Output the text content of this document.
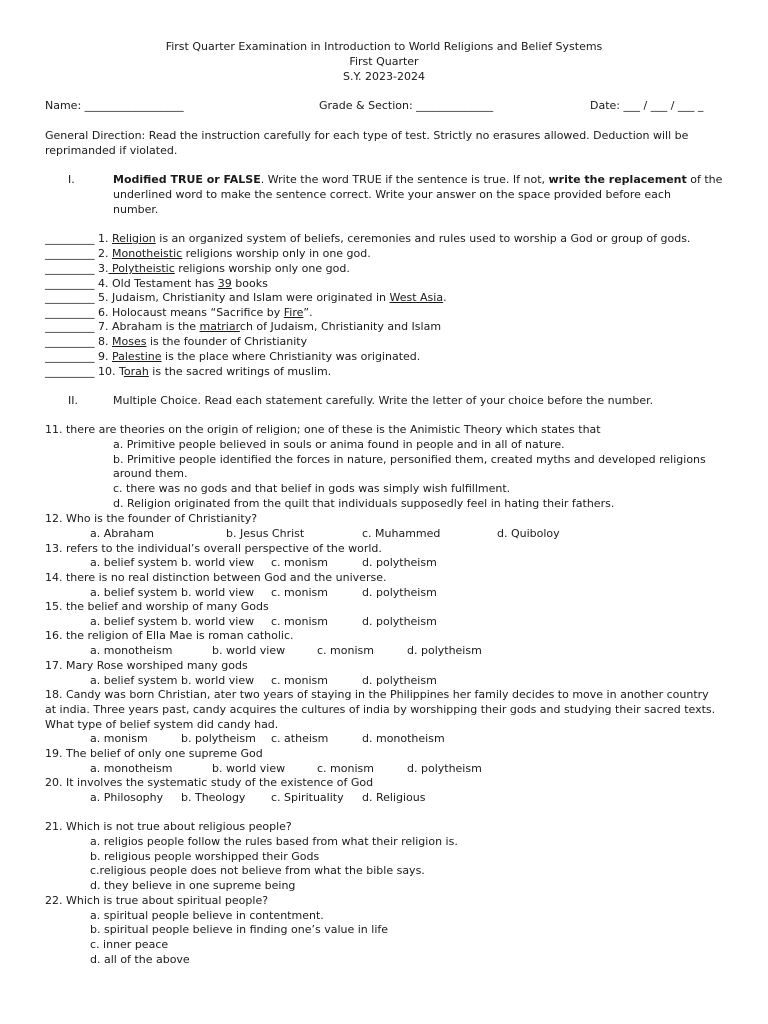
First Quarter Examination in Introduction to World Religions and Belief Systems
First Quarter
S.Y. 2023-2024
Name: __________________	Grade & Section: ______________	Date: ___ / ___ / ___ _
General Direction: Read the instruction carefully for each type of test. Strictly no erasures allowed. Deduction will be
reprimanded if violated.
I.	Modified TRUE or FALSE. Write the word TRUE if the sentence is true. If not, write the replacement of the
underlined word to make the sentence correct. Write your answer on the space provided before each
number.
_________ 1. Religion is an organized system of beliefs, ceremonies and rules used to worship a God or group of gods.
_________ 2. Monotheistic religions worship only in one god.
_________ 3. Polytheistic religions worship only one god.
_________ 4. Old Testament has 39 books
_________ 5. Judaism, Christianity and Islam were originated in West Asia.
_________ 6. Holocaust means “Sacrifice by Fire”.
_________ 7. Abraham is the matriarch of Judaism, Christianity and Islam
_________ 8. Moses is the founder of Christianity
_________ 9. Palestine is the place where Christianity was originated.
_________ 10. Torah is the sacred writings of muslim.
II.	Multiple Choice. Read each statement carefully. Write the letter of your choice before the number.
11. there are theories on the origin of religion; one of these is the Animistic Theory which states that
a. Primitive people believed in souls or anima found in people and in all of nature.
b. Primitive people identified the forces in nature, personified them, created myths and developed religions
around them.
c. there was no gods and that belief in gods was simply wish fulfillment.
d. Religion originated from the quilt that individuals supposedly feel in hating their fathers.
12. Who is the founder of Christianity?
a. Abraham	b. Jesus Christ	c. Muhammed	d. Quiboloy
13. refers to the individual’s overall perspective of the world.
a. belief system b. world view c. monism	d. polytheism
14. there is no real distinction between God and the universe.
a. belief system b. world view c. monism	d. polytheism
15. the belief and worship of many Gods
a. belief system b. world view c. monism	d. polytheism
16. the religion of Ella Mae is roman catholic.
a. monotheism	b. world view	c. monism	d. polytheism
17. Mary Rose worshiped many gods
a. belief system b. world view c. monism	d. polytheism
18. Candy was born Christian, ater two years of staying in the Philippines her family decides to move in another country
at india. Three years past, candy acquires the cultures of india by worshipping their gods and studying their sacred texts.
What type of belief system did candy had.
a. monism	b. polytheism c. atheism	d. monotheism
19. The belief of only one supreme God
a. monotheism	b. world view	c. monism	d. polytheism
20. It involves the systematic study of the existence of God
a. Philosophy b. Theology c. Spirituality d. Religious
21. Which is not true about religious people?
a. religios people follow the rules based from what their religion is.
b. religious people worshipped their Gods
c.religious people does not believe from what the bible says.
d. they believe in one supreme being
22. Which is true about spiritual people?
a. spiritual people believe in contentment.
b. spiritual people believe in finding one’s value in life
c. inner peace
d. all of the above
